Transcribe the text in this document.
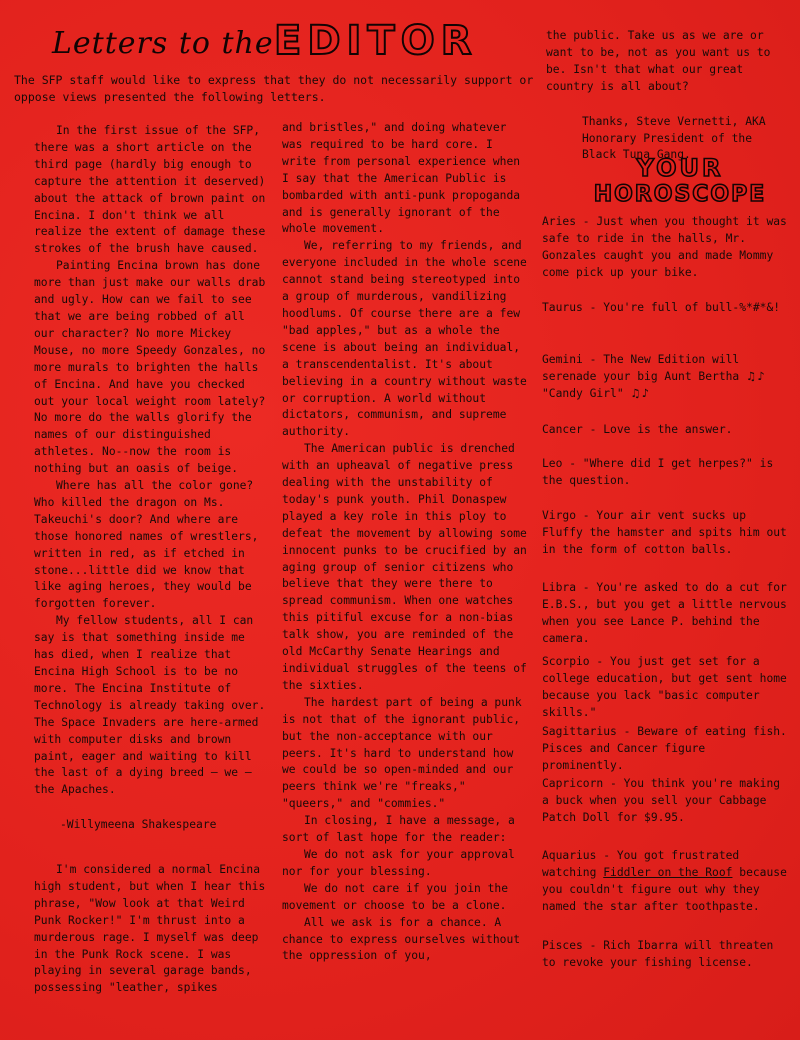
Letters to the EDITOR
The SFP staff would like to express that they do not necessarily support or oppose views presented the following letters.

In the first issue of the SFP, there was a short article on the third page (hardly big enough to capture the attention it deserved) about the attack of brown paint on Encina. I don't think we all realize the extent of damage these strokes of the brush have caused.

Painting Encina brown has done more than just make our walls drab and ugly. How can we fail to see that we are being robbed of all our character? No more Mickey Mouse, no more Speedy Gonzales, no more murals to brighten the halls of Encina. And have you checked out your local weight room lately? No more do the walls glorify the names of our distinguished athletes. No--now the room is nothing but an oasis of beige.

Where has all the color gone? Who killed the dragon on Ms. Takeuchi's door? And where are those honored names of wrestlers, written in red, as if etched in stone...little did we know that like aging heroes, they would be forgotten forever.

My fellow students, all I can say is that something inside me has died, when I realize that Encina High School is to be no more. The Encina Institute of Technology is already taking over. The Space Invaders are here-armed with computer disks and brown paint, eager and waiting to kill the last of a dying breed — we — the Apaches.

-Willymeena Shakespeare

I'm considered a normal Encina high student, but when I hear this phrase, "Wow look at that Weird Punk Rocker!" I'm thrust into a murderous rage. I myself was deep in the Punk Rock scene. I was playing in several garage bands, possessing "leather, spikes

and bristles," and doing whatever was required to be hard core. I write from personal experience when I say that the American Public is bombarded with anti-punk propoganda and is generally ignorant of the whole movement.

We, referring to my friends, and everyone included in the whole scene cannot stand being stereotyped into a group of murderous, vandilizing hoodlums. Of course there are a few "bad apples," but as a whole the scene is about being an individual, a transcendentalist. It's about believing in a country without waste or corruption. A world without dictators, communism, and supreme authority.

The American public is drenched with an upheaval of negative press dealing with the unstability of today's punk youth. Phil Donaspew played a key role in this ploy to defeat the movement by allowing some innocent punks to be crucified by an aging group of senior citizens who believe that they were there to spread communism. When one watches this pitiful excuse for a non-bias talk show, you are reminded of the old McCarthy Senate Hearings and individual struggles of the teens of the sixties.

The hardest part of being a punk is not that of the ignorant public, but the non-acceptance with our peers. It's hard to understand how we could be so open-minded and our peers think we're "freaks," "queers," and "commies."

In closing, I have a message, a sort of last hope for the reader:

We do not ask for your approval nor for your blessing.

We do not care if you join the movement or choose to be a clone.

All we ask is for a chance. A chance to express ourselves without the oppression of you,

the public. Take us as we are or want to be, not as you want us to be. Isn't that what our great country is all about?

Thanks, Steve Vernetti, AKA Honorary President of the Black Tuna Gang.

YOUR
HOROSCOPE

Aries - Just when you thought it was safe to ride in the halls, Mr. Gonzales caught you and made Mommy come pick up your bike.

Taurus - You're full of bull-%*#*&!

Gemini - The New Edition will serenade your big Aunt Bertha ♫♪ "Candy Girl" ♫♪

Cancer - Love is the answer.

Leo - "Where did I get herpes?" is the question.

Virgo - Your air vent sucks up Fluffy the hamster and spits him out in the form of cotton balls.

Libra - You're asked to do a cut for E.B.S., but you get a little nervous when you see Lance P. behind the camera.

Scorpio - You just get set for a college education, but get sent home because you lack "basic computer skills."

Sagittarius - Beware of eating fish. Pisces and Cancer figure prominently.

Capricorn - You think you're making a buck when you sell your Cabbage Patch Doll for $9.95.

Aquarius - You got frustrated watching Fiddler on the Roof because you couldn't figure out why they named the star after toothpaste.

Pisces - Rich Ibarra will threaten to revoke your fishing license.
